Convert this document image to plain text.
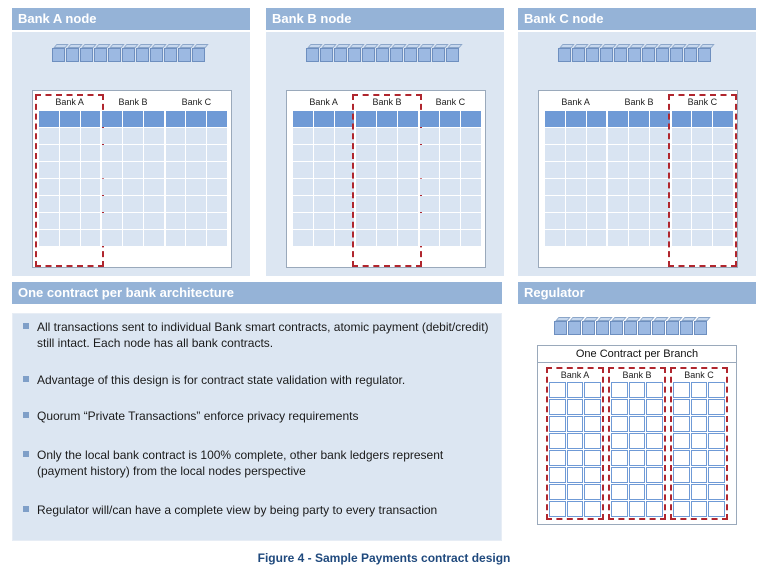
Bank A node	Bank B node	Bank C node
One contract per bank architecture
All transactions sent to individual Bank smart contracts, atomic payment (debit/credit) still intact. Each node has all bank contracts.
Advantage of this design is for contract state validation with regulator.
Quorum “Private Transactions” enforce privacy requirements
Only the local bank contract is 100% complete, other bank ledgers represent (payment history) from the local nodes perspective
Regulator will/can have a complete view by being party to every transaction
Regulator
Figure 4 - Sample Payments contract design
Bank A	Bank B	Bank C	Bank A	Bank B	Bank C	Bank A	Bank B	Bank C
One Contract per Branch
Bank A	Bank B	Bank C
